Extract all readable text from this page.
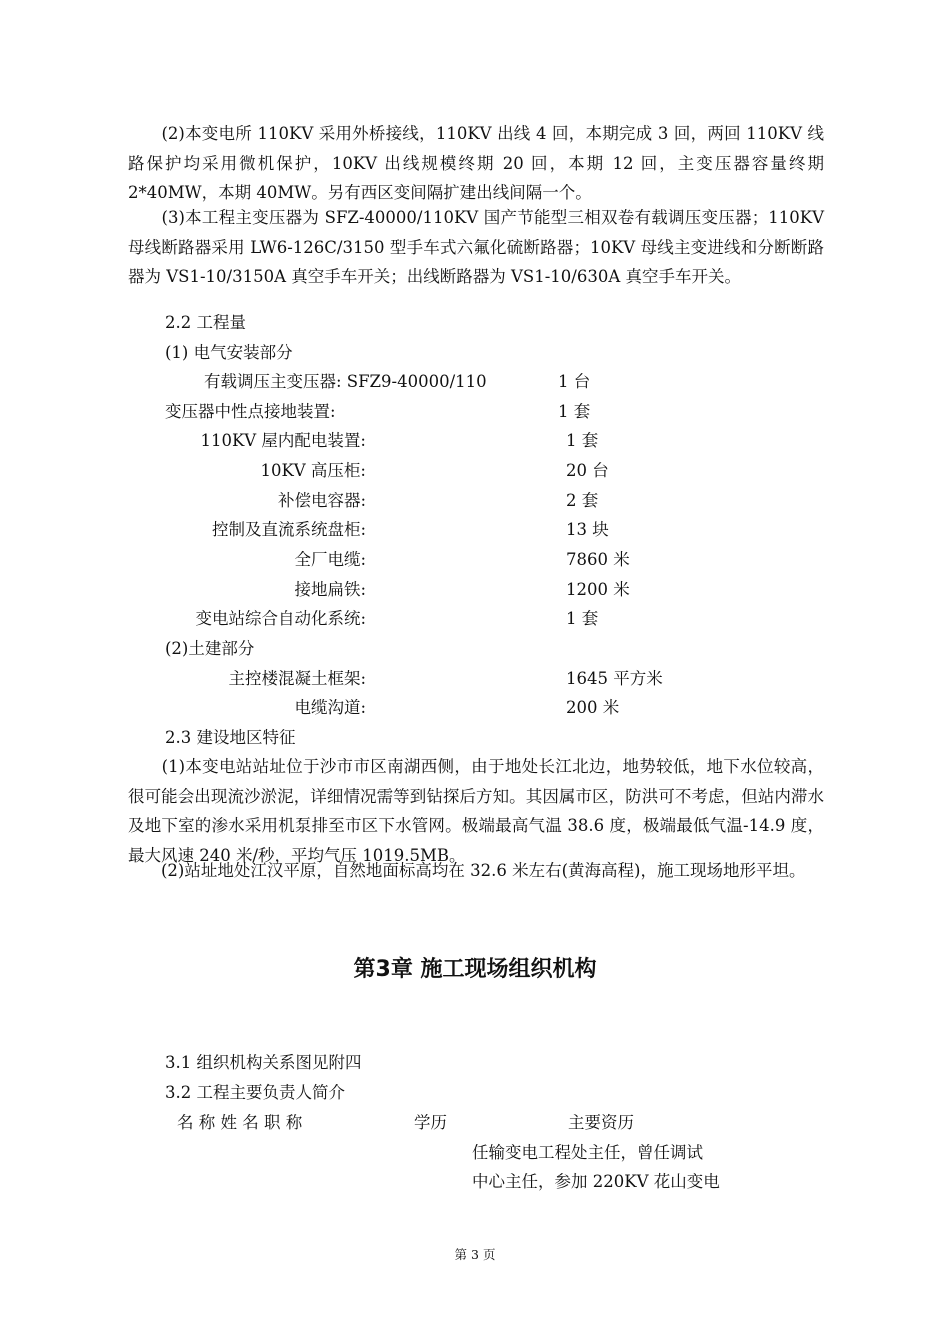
　　(2)本变电所 110KV 采用外桥接线，110KV 出线 4 回，本期完成 3 回，两回 110KV 线路保护均采用微机保护，10KV 出线规模终期 20 回，本期 12 回，主变压器容量终期 2*40MW，本期 40MW。另有西区变间隔扩建出线间隔一个。

　　(3)本工程主变压器为 SFZ-40000/110KV 国产节能型三相双卷有载调压变压器；110KV 母线断路器采用 LW6-126C/3150 型手车式六氟化硫断路器；10KV 母线主变进线和分断断路器为 VS1-10/3150A 真空手车开关；出线断路器为 VS1-10/630A 真空手车开关。

2.2 工程量

(1) 电气安装部分

有载调压主变压器: SFZ9-40000/110	1 台

变压器中性点接地装置:	1 套

110KV 屋内配电装置:	1 套

10KV 高压柜:	20 台

补偿电容器:	2 套

控制及直流系统盘柜:	13 块

全厂电缆:	7860 米

接地扁铁:	1200 米

变电站综合自动化系统:	1 套

(2)土建部分

主控楼混凝土框架:	1645 平方米

电缆沟道:	200 米

2.3 建设地区特征

　　(1)本变电站站址位于沙市市区南湖西侧，由于地处长江北边，地势较低，地下水位较高，很可能会出现流沙淤泥，详细情况需等到钻探后方知。其因属市区，防洪可不考虑，但站内滞水及地下室的渗水采用机泵排至市区下水管网。极端最高气温 38.6 度，极端最低气温-14.9 度，最大风速 240 米/秒，平均气压 1019.5MB。

　　(2)站址地处江汉平原，自然地面标高均在 32.6 米左右(黄海高程)，施工现场地形平坦。

第3章 施工现场组织机构

3.1 组织机构关系图见附四

3.2 工程主要负责人简介

名 称 姓 名 职 称	学历	主要资历

任输变电工程处主任，曾任调试

中心主任，参加 220KV 花山变电

第 3 页
